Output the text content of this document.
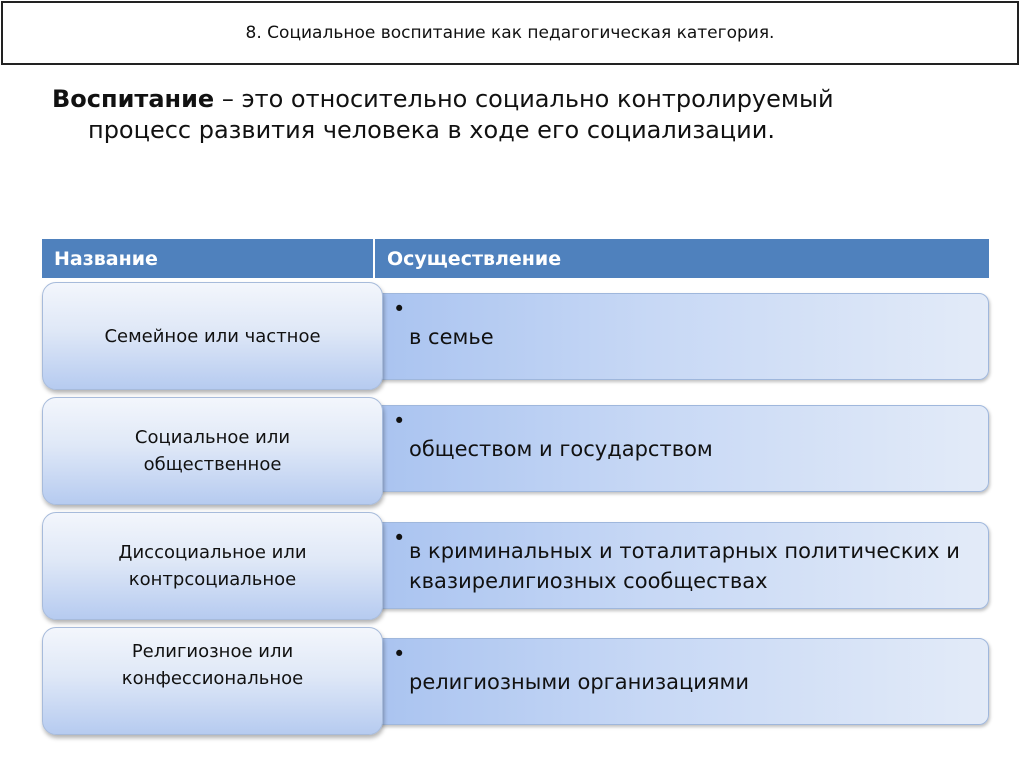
8. Социальное воспитание как педагогическая категория.
Воспитание – это относительно социально контролируемый
процесс развития человека в ходе его социализации.
Название	Осуществление
•
в семье
Семейное или частное
•
обществом и государством
Социальное или общественное
•
в криминальных и тоталитарных политических и квазирелигиозных сообществах
Диссоциальное или контрсоциальное
•
религиозными организациями
Религиозное или конфессиональное
